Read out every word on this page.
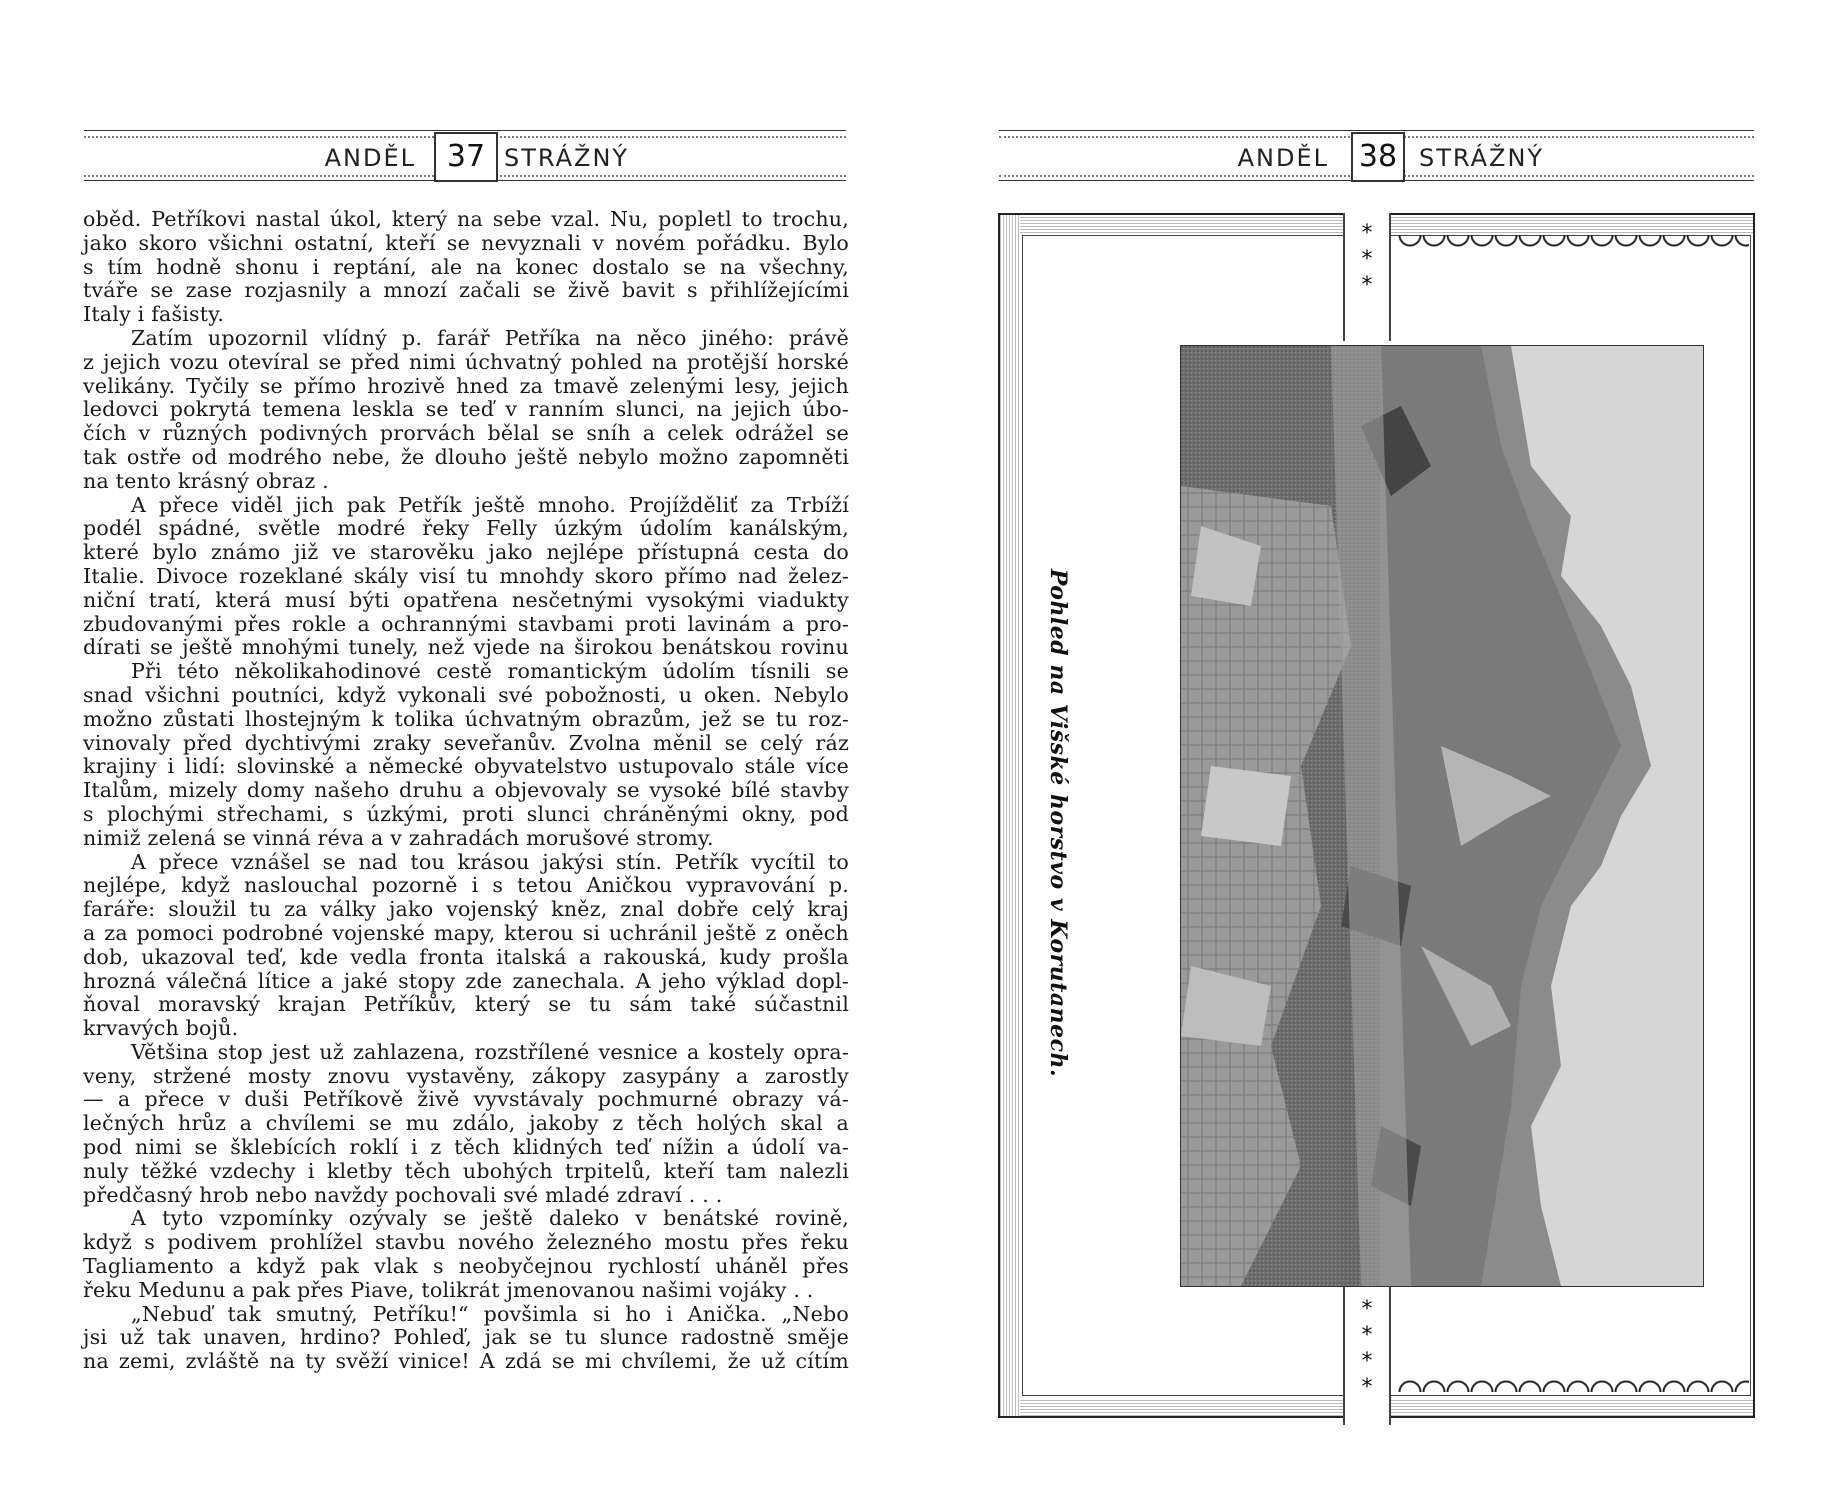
ANDĚL	37 STRÁŽNÝ
oběd. Petříkovi nastal úkol, který na sebe vzal. Nu, popletl to trochu,
jako skoro všichni ostatní, kteří se nevyznali v novém pořádku. Bylo
s tím hodně shonu i reptání, ale na konec dostalo se na všechny,
tváře se zase rozjasnily a mnozí začali se živě bavit s přihlížejícími
Italy i fašisty.
Zatím upozornil vlídný p. farář Petříka na něco jiného: právě
z jejich vozu otevíral se před nimi úchvatný pohled na protější horské
velikány. Tyčily se přímo hrozivě hned za tmavě zelenými lesy, jejich
ledovci pokrytá temena leskla se teď v ranním slunci, na jejich úbo-
čích v různých podivných prorvách bělal se sníh a celek odrážel se
tak ostře od modrého nebe, že dlouho ještě nebylo možno zapomněti
na tento krásný obraz .
A přece viděl jich pak Petřík ještě mnoho. Projížděliť za Trbíží
podél spádné, světle modré řeky Felly úzkým údolím kanálským,
které bylo známo již ve starověku jako nejlépe přístupná cesta do
Italie. Divoce rozeklané skály visí tu mnohdy skoro přímo nad želez-
niční tratí, která musí býti opatřena nesčetnými vysokými viadukty
zbudovanými přes rokle a ochrannými stavbami proti lavinám a pro-
dírati se ještě mnohými tunely, než vjede na širokou benátskou rovinu
Při této několikahodinové cestě romantickým údolím tísnili se
snad všichni poutníci, když vykonali své pobožnosti, u oken. Nebylo
možno zůstati lhostejným k tolika úchvatným obrazům, jež se tu roz-
vinovaly před dychtivými zraky seveřanův. Zvolna měnil se celý ráz
krajiny i lidí: slovinské a německé obyvatelstvo ustupovalo stále více
Italům, mizely domy našeho druhu a objevovaly se vysoké bílé stavby
s plochými střechami, s úzkými, proti slunci chráněnými okny, pod
nimiž zelená se vinná réva a v zahradách morušové stromy.
A přece vznášel se nad tou krásou jakýsi stín. Petřík vycítil to
nejlépe, když naslouchal pozorně i s tetou Aničkou vypravování p.
faráře: sloužil tu za války jako vojenský kněz, znal dobře celý kraj
a za pomoci podrobné vojenské mapy, kterou si uchránil ještě z oněch
dob, ukazoval teď, kde vedla fronta italská a rakouská, kudy prošla
hrozná válečná lítice a jaké stopy zde zanechala. A jeho výklad dopl-
ňoval moravský krajan Petříkův, který se tu sám také súčastnil
krvavých bojů.
Většina stop jest už zahlazena, rozstřílené vesnice a kostely opra-
veny, stržené mosty znovu vystavěny, zákopy zasypány a zarostly
— a přece v duši Petříkově živě vyvstávaly pochmurné obrazy vá-
lečných hrůz a chvílemi se mu zdálo, jakoby z těch holých skal a
pod nimi se šklebících roklí i z těch klidných teď nížin a údolí va-
nuly těžké vzdechy i kletby těch ubohých trpitelů, kteří tam nalezli
předčasný hrob nebo navždy pochovali své mladé zdraví . . .
A tyto vzpomínky ozývaly se ještě daleko v benátské rovině,
když s podivem prohlížel stavbu nového železného mostu přes řeku
Tagliamento a když pak vlak s neobyčejnou rychlostí uháněl přes
řeku Medunu a pak přes Piave, tolikrát jmenovanou našimi vojáky . .
„Nebuď tak smutný, Petříku!“ povšimla si ho i Anička. „Nebo
jsi už tak unaven, hrdino? Pohleď, jak se tu slunce radostně směje
na zemi, zvláště na ty svěží vinice! A zdá se mi chvílemi, že už cítím
ANDĚL 38 STRÁŽNÝ
*
*
*
*
*
*
*
Pohled na Višské horstvo v Korutanech.
